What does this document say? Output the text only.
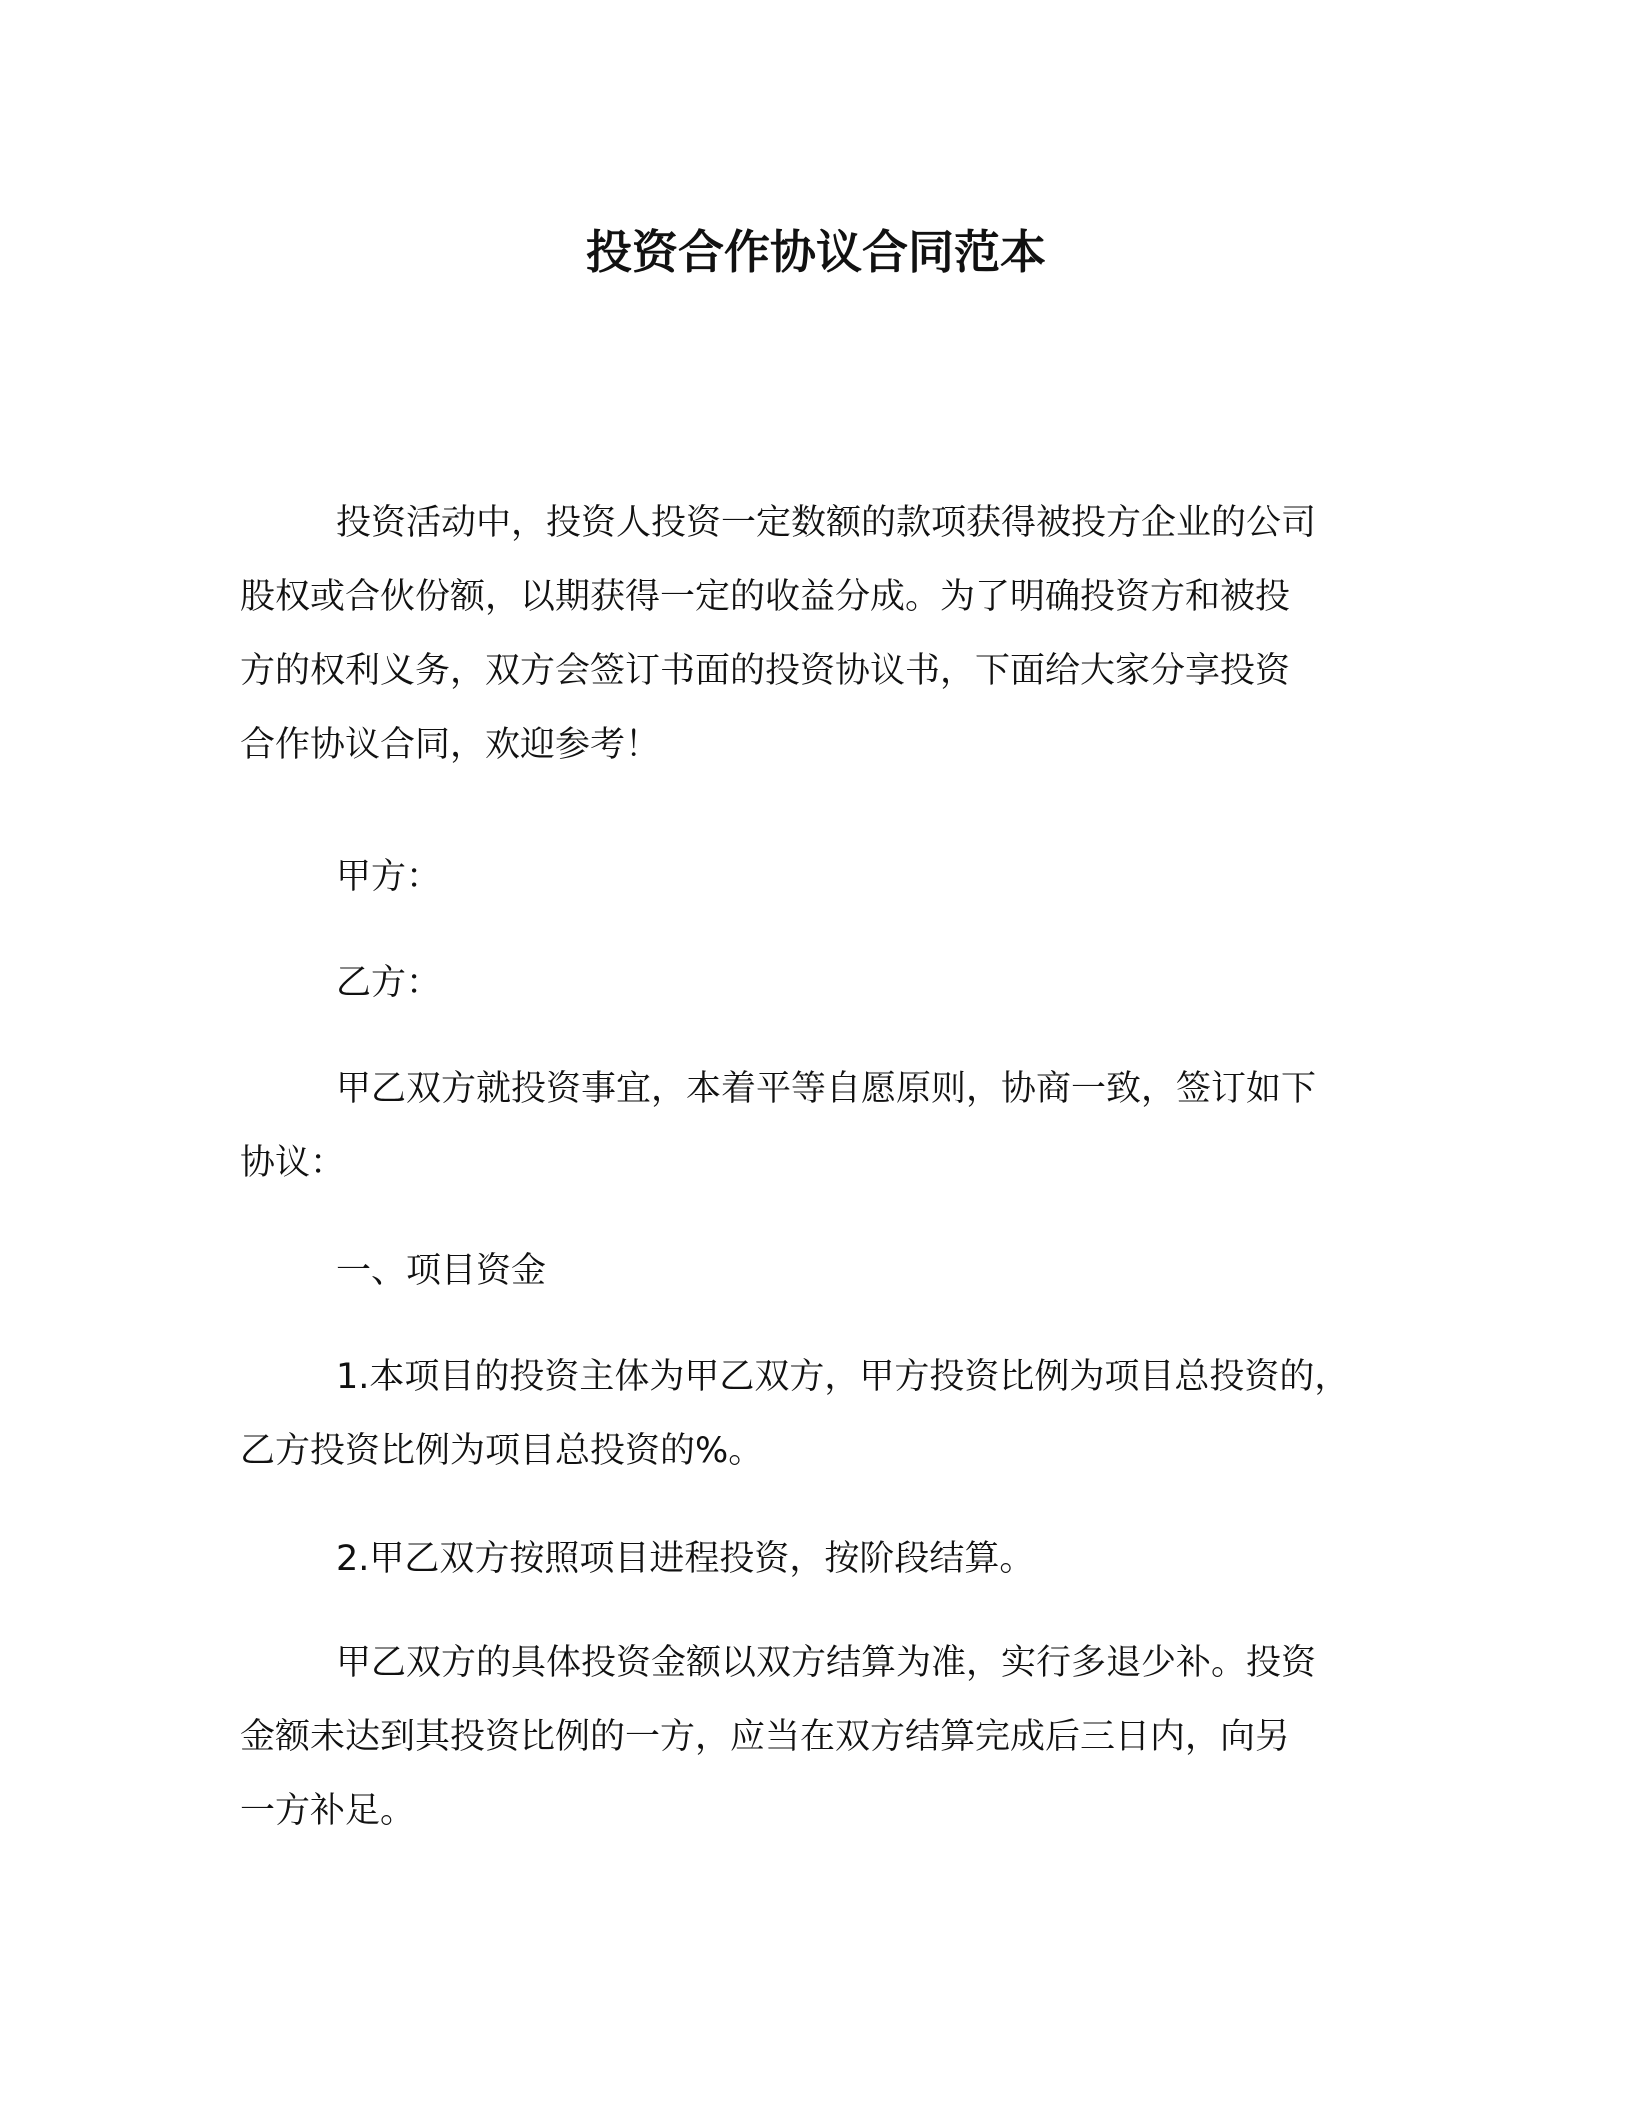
投资合作协议合同范本
投资活动中，投资人投资一定数额的款项获得被投方企业的公司
股权或合伙份额，以期获得一定的收益分成。为了明确投资方和被投
方的权利义务，双方会签订书面的投资协议书，下面给大家分享投资
合作协议合同，欢迎参考！
甲方：
乙方：
甲乙双方就投资事宜，本着平等自愿原则，协商一致，签订如下
协议：
一、项目资金
1.本项目的投资主体为甲乙双方，甲方投资比例为项目总投资的，
乙方投资比例为项目总投资的%。
2.甲乙双方按照项目进程投资，按阶段结算。
甲乙双方的具体投资金额以双方结算为准，实行多退少补。投资
金额未达到其投资比例的一方，应当在双方结算完成后三日内，向另
一方补足。
